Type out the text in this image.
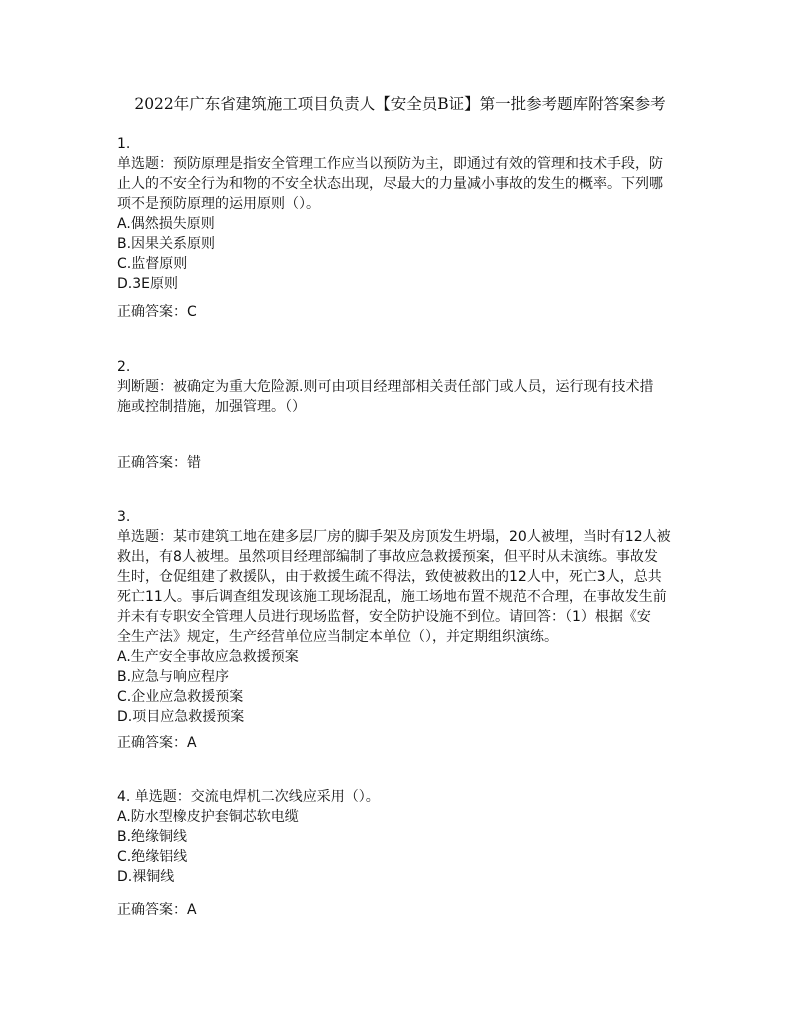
2022年广东省建筑施工项目负责人【安全员B证】第一批参考题库附答案参考
1.
单选题：预防原理是指安全管理工作应当以预防为主，即通过有效的管理和技术手段，防
止人的不安全行为和物的不安全状态出现，尽最大的力量减小事故的发生的概率。下列哪
项不是预防原理的运用原则（）。
A.偶然损失原则
B.因果关系原则
C.监督原则
D.3E原则
正确答案：C
2.
判断题：被确定为重大危险源.则可由项目经理部相关责任部门或人员，运行现有技术措
施或控制措施，加强管理。（）
正确答案：错
3.
单选题：某市建筑工地在建多层厂房的脚手架及房顶发生坍塌，20人被埋，当时有12人被
救出，有8人被埋。虽然项目经理部编制了事故应急救援预案，但平时从未演练。事故发
生时，仓促组建了救援队，由于救援生疏不得法，致使被救出的12人中，死亡3人，总共
死亡11人。事后调查组发现该施工现场混乱，施工场地布置不规范不合理，在事故发生前
并未有专职安全管理人员进行现场监督，安全防护设施不到位。请回答：（1）根据《安
全生产法》规定，生产经营单位应当制定本单位（），并定期组织演练。
A.生产安全事故应急救援预案
B.应急与响应程序
C.企业应急救援预案
D.项目应急救援预案
正确答案：A
4. 单选题：交流电焊机二次线应采用（）。
A.防水型橡皮护套铜芯软电缆
B.绝缘铜线
C.绝缘铝线
D.裸铜线
正确答案：A
